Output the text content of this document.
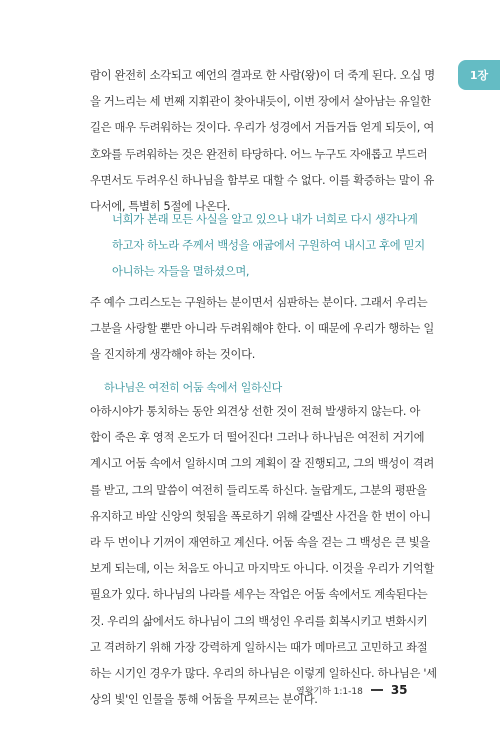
1장
람이 완전히 소각되고 예언의 결과로 한 사람(왕)이 더 죽게 된다. 오십 명
을 거느리는 세 번째 지휘관이 찾아내듯이, 이번 장에서 살아남는 유일한
길은 매우 두려워하는 것이다. 우리가 성경에서 거듭거듭 얻게 되듯이, 여
호와를 두려워하는 것은 완전히 타당하다. 어느 누구도 자애롭고 부드러
우면서도 두려우신 하나님을 함부로 대할 수 없다. 이를 확증하는 말이 유
다서에, 특별히 5절에 나온다.
너희가 본래 모든 사실을 알고 있으나 내가 너희로 다시 생각나게
하고자 하노라 주께서 백성을 애굽에서 구원하여 내시고 후에 믿지
아니하는 자들을 멸하셨으며,
주 예수 그리스도는 구원하는 분이면서 심판하는 분이다. 그래서 우리는
그분을 사랑할 뿐만 아니라 두려워해야 한다. 이 때문에 우리가 행하는 일
을 진지하게 생각해야 하는 것이다.

하나님은 여전히 어둠 속에서 일하신다

아하시야가 통치하는 동안 외견상 선한 것이 전혀 발생하지 않는다. 아
합이 죽은 후 영적 온도가 더 떨어진다! 그러나 하나님은 여전히 거기에
계시고 어둠 속에서 일하시며 그의 계획이 잘 진행되고, 그의 백성이 격려
를 받고, 그의 말씀이 여전히 들리도록 하신다. 놀랍게도, 그분의 평판을
유지하고 바알 신앙의 헛됨을 폭로하기 위해 갈멜산 사건을 한 번이 아니
라 두 번이나 기꺼이 재연하고 계신다. 어둠 속을 걷는 그 백성은 큰 빛을
보게 되는데, 이는 처음도 아니고 마지막도 아니다. 이것을 우리가 기억할
필요가 있다. 하나님의 나라를 세우는 작업은 어둠 속에서도 계속된다는
것. 우리의 삶에서도 하나님이 그의 백성인 우리를 회복시키고 변화시키
고 격려하기 위해 가장 강력하게 일하시는 때가 메마르고 고민하고 좌절
하는 시기인 경우가 많다. 우리의 하나님은 이렇게 일하신다. 하나님은 '세
상의 빛'인 인물을 통해 어둠을 무찌르는 분이다.
열왕기하 1:1-18 35
